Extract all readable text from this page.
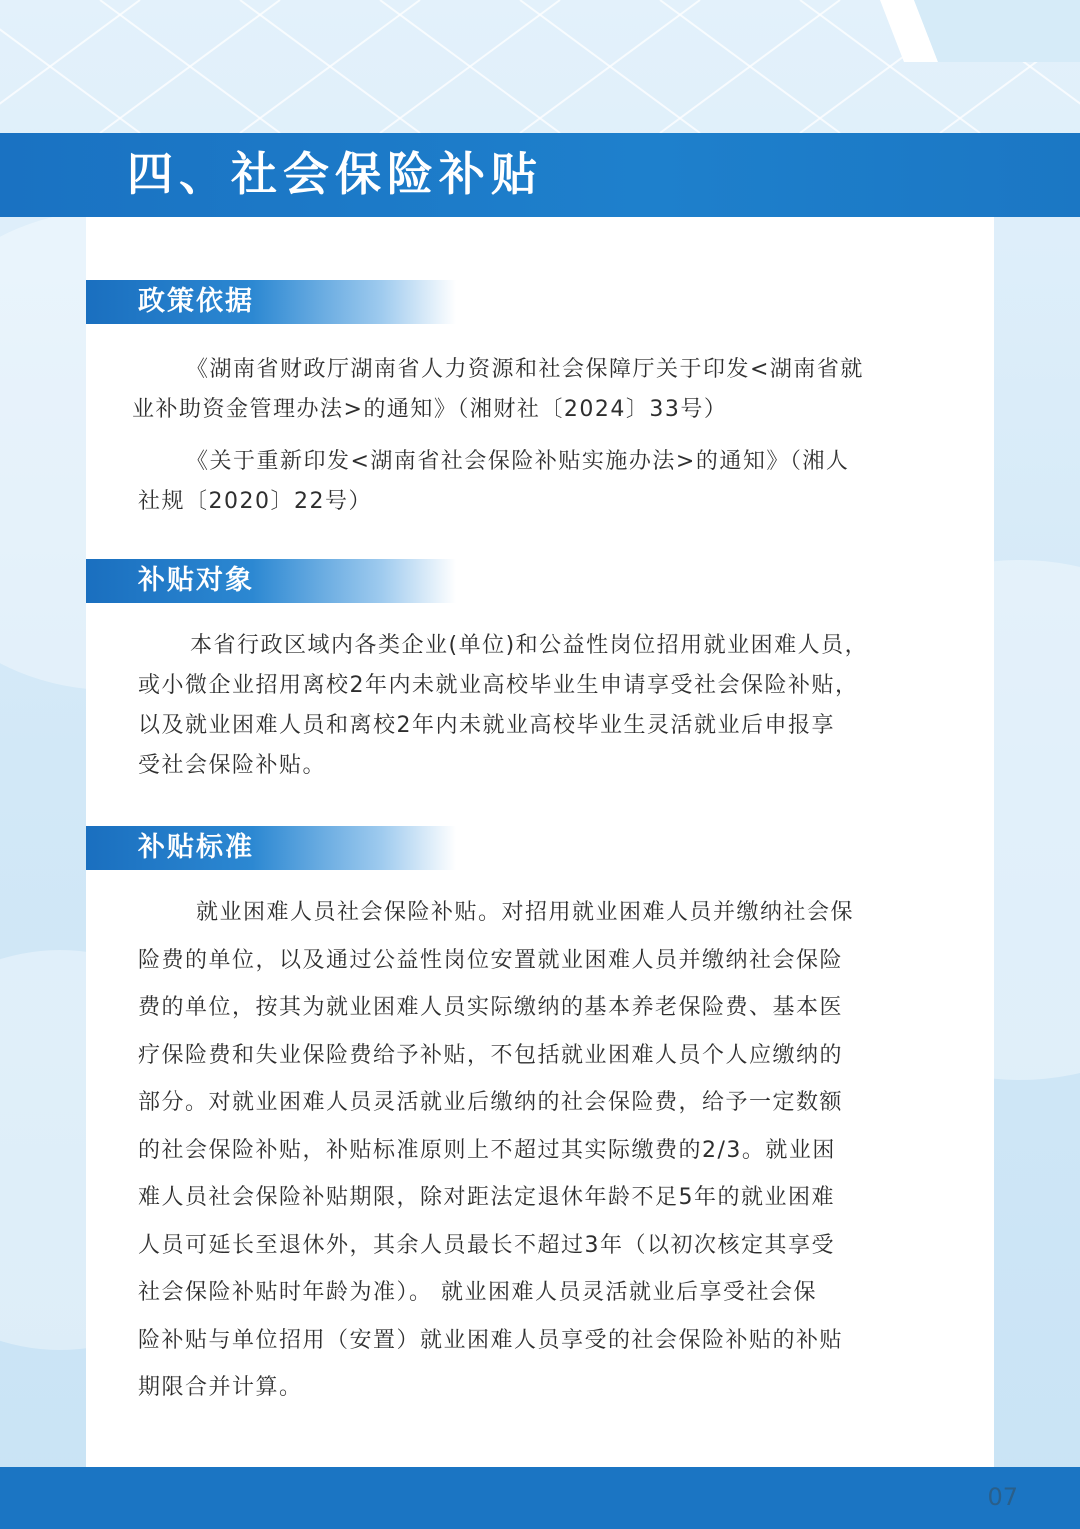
四、社会保险补贴
政策依据

《湖南省财政厅湖南省人力资源和社会保障厅关于印发<湖南省就
业补助资金管理办法>的通知》（湘财社〔2024〕33号）

《关于重新印发<湖南省社会保险补贴实施办法>的通知》（湘人
社规〔2020〕22号）

补贴对象

本省行政区域内各类企业(单位)和公益性岗位招用就业困难人员，
或小微企业招用离校2年内未就业高校毕业生申请享受社会保险补贴，
以及就业困难人员和离校2年内未就业高校毕业生灵活就业后申报享
受社会保险补贴。

补贴标准

就业困难人员社会保险补贴。对招用就业困难人员并缴纳社会保
险费的单位，以及通过公益性岗位安置就业困难人员并缴纳社会保险
费的单位，按其为就业困难人员实际缴纳的基本养老保险费、基本医
疗保险费和失业保险费给予补贴，不包括就业困难人员个人应缴纳的
部分。对就业困难人员灵活就业后缴纳的社会保险费，给予一定数额
的社会保险补贴，补贴标准原则上不超过其实际缴费的2/3。就业困
难人员社会保险补贴期限，除对距法定退休年龄不足5年的就业困难
人员可延长至退休外，其余人员最长不超过3年（以初次核定其享受
社会保险补贴时年龄为准）。 就业困难人员灵活就业后享受社会保
险补贴与单位招用（安置）就业困难人员享受的社会保险补贴的补贴
期限合并计算。

07
